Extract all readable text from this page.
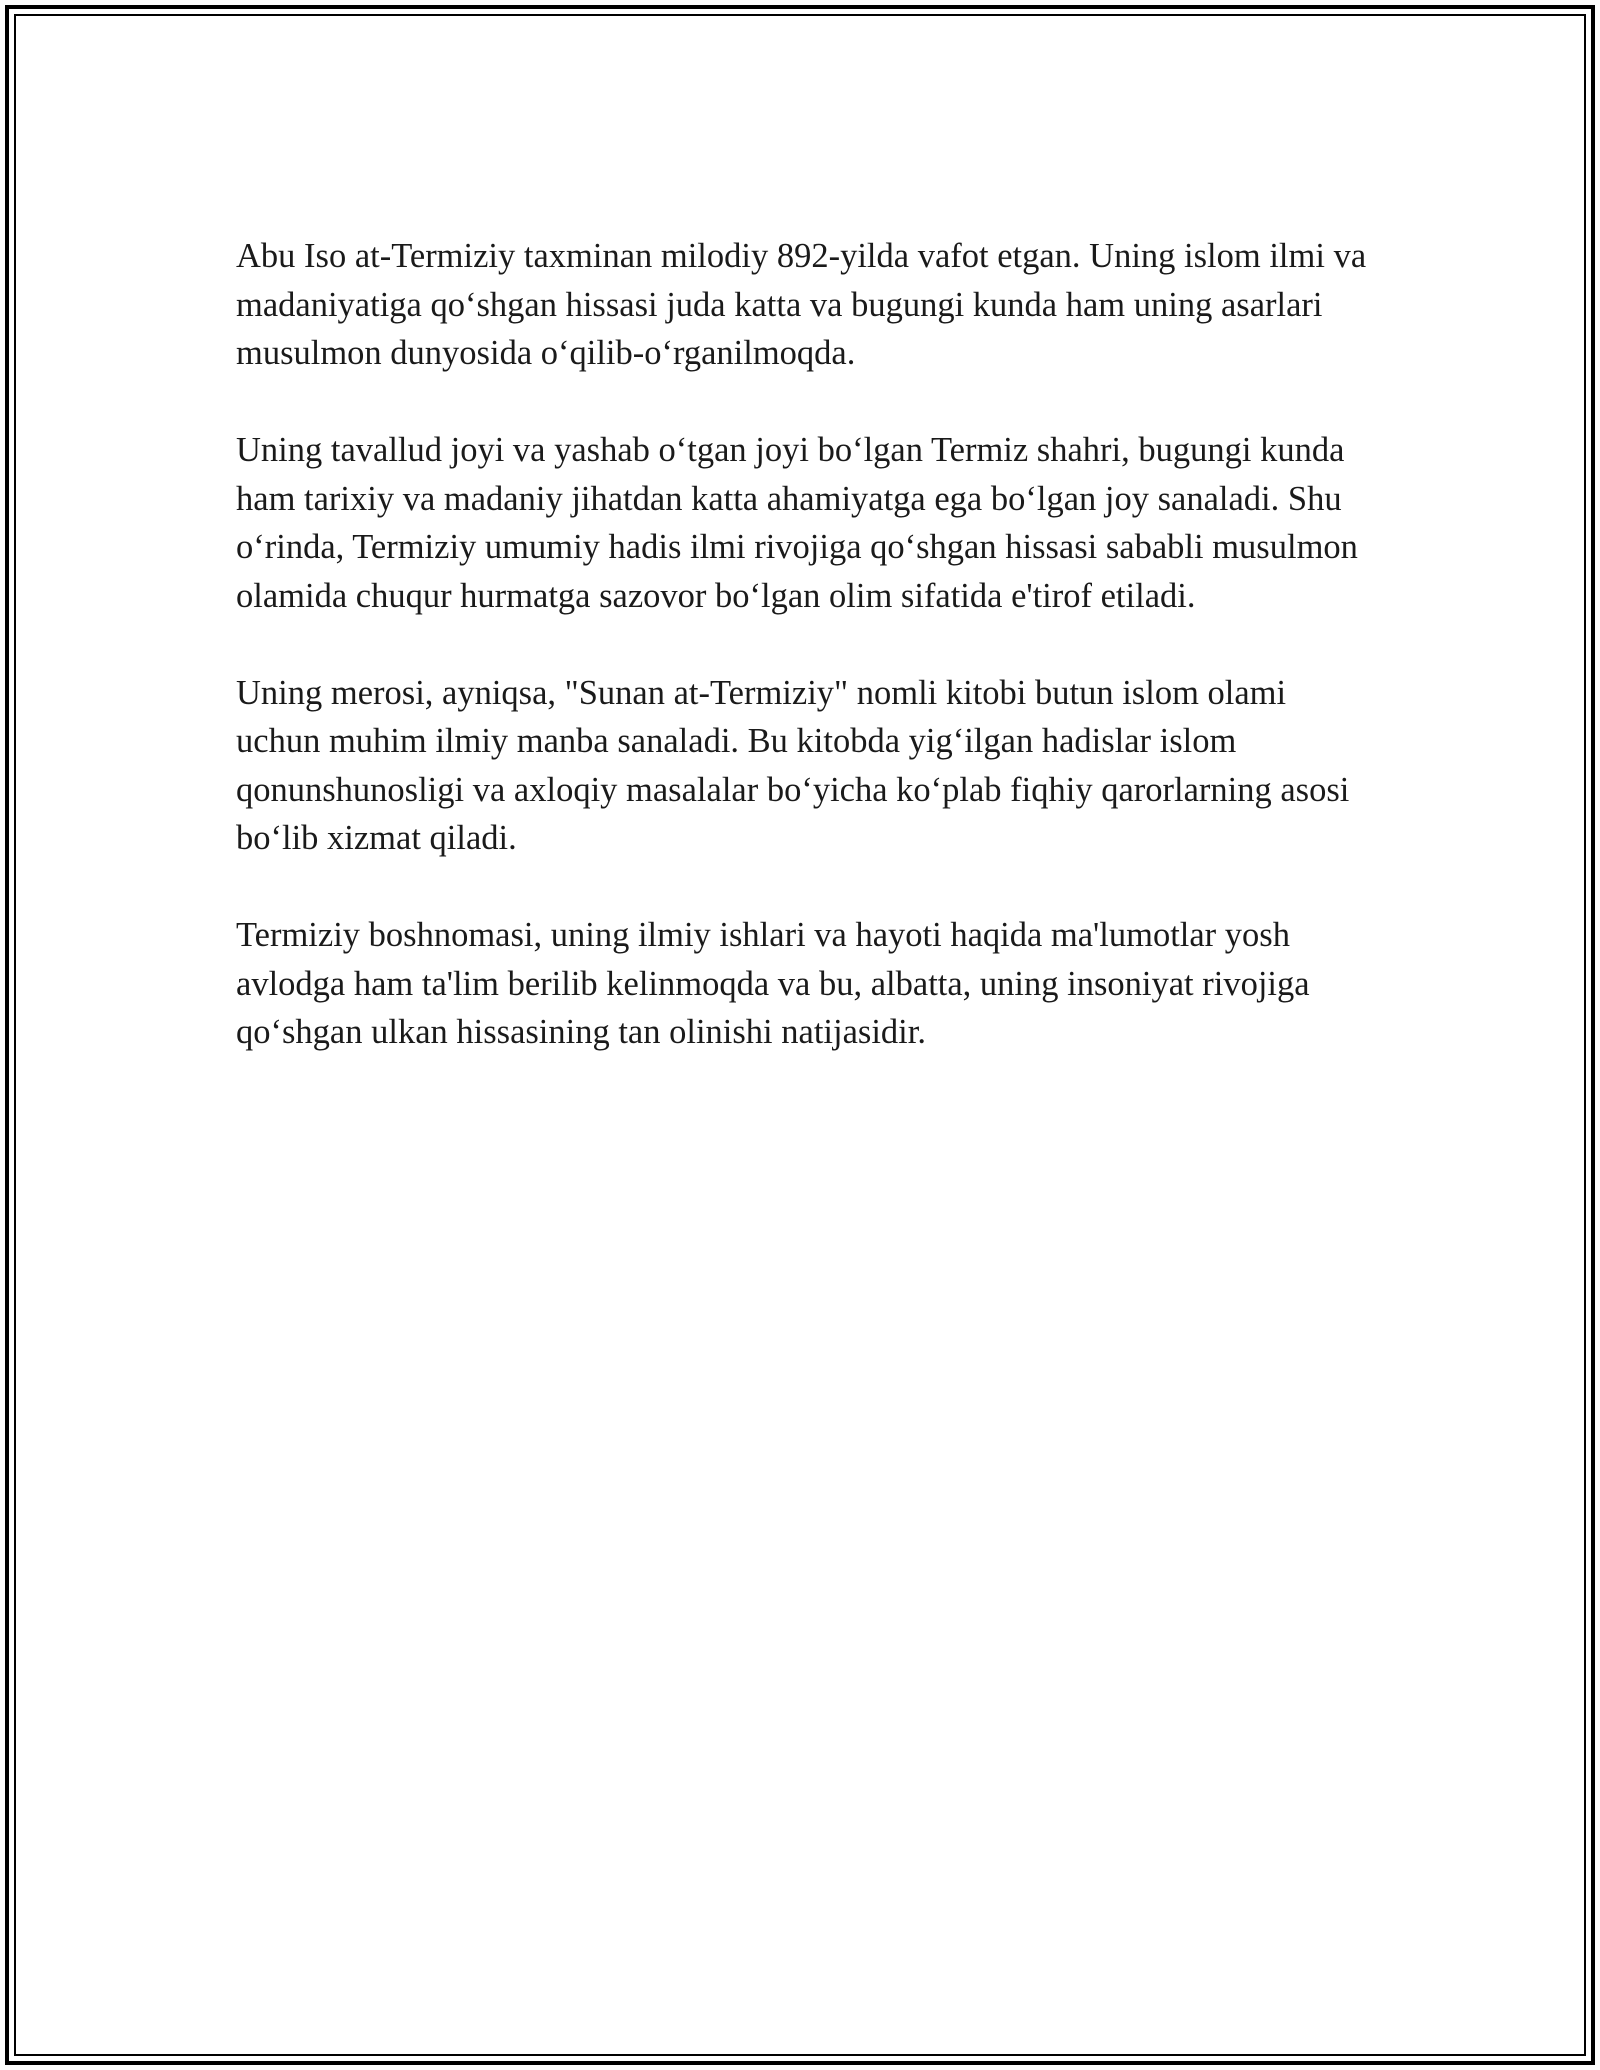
Abu Iso at-Termiziy taxminan milodiy 892-yilda vafot etgan. Uning islom ilmi va madaniyatiga qo‘shgan hissasi juda katta va bugungi kunda ham uning asarlari musulmon dunyosida o‘qilib-o‘rganilmoqda.

Uning tavallud joyi va yashab o‘tgan joyi bo‘lgan Termiz shahri, bugungi kunda ham tarixiy va madaniy jihatdan katta ahamiyatga ega bo‘lgan joy sanaladi. Shu o‘rinda, Termiziy umumiy hadis ilmi rivojiga qo‘shgan hissasi sababli musulmon olamida chuqur hurmatga sazovor bo‘lgan olim sifatida e'tirof etiladi.

Uning merosi, ayniqsa, "Sunan at-Termiziy" nomli kitobi butun islom olami uchun muhim ilmiy manba sanaladi. Bu kitobda yig‘ilgan hadislar islom qonunshunosligi va axloqiy masalalar bo‘yicha ko‘plab fiqhiy qarorlarning asosi bo‘lib xizmat qiladi.

Termiziy boshnomasi, uning ilmiy ishlari va hayoti haqida ma'lumotlar yosh avlodga ham ta'lim berilib kelinmoqda va bu, albatta, uning insoniyat rivojiga qo‘shgan ulkan hissasining tan olinishi natijasidir.
